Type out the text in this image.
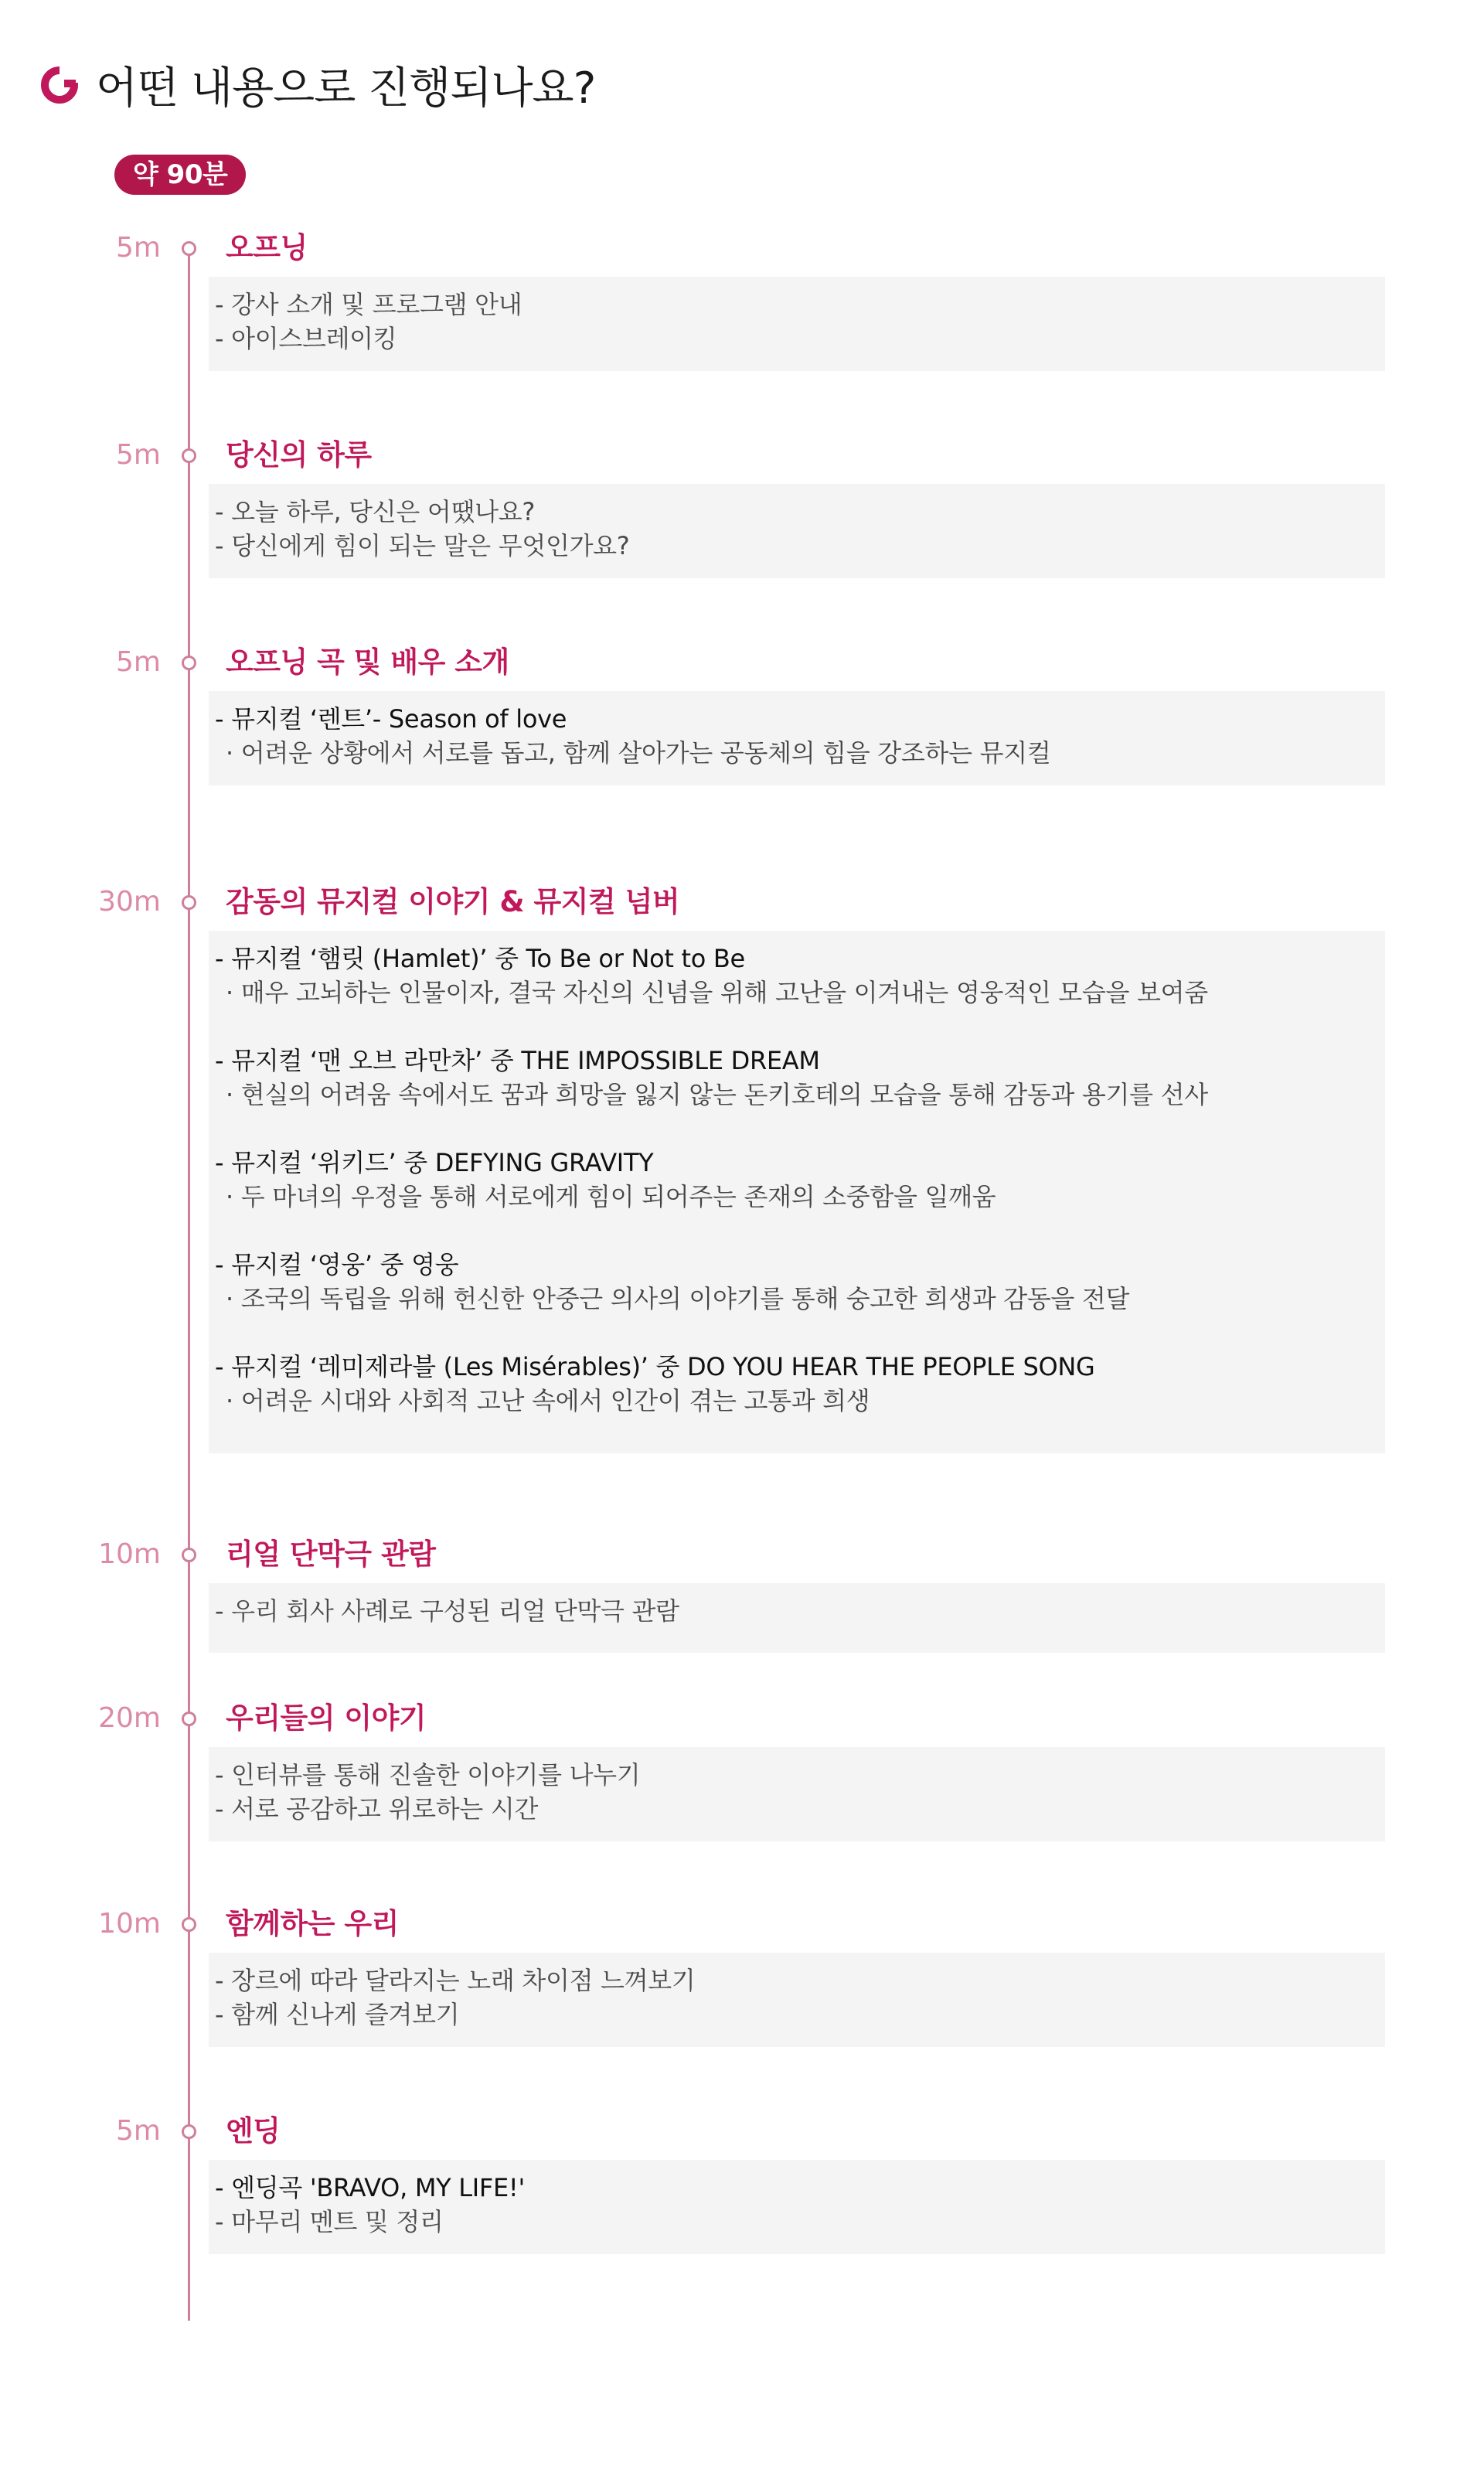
어떤 내용으로 진행되나요?
약 90분
5m 오프닝
- 강사 소개 및 프로그램 안내
- 아이스브레이킹
5m 당신의 하루
- 오늘 하루, 당신은 어땠나요?
- 당신에게 힘이 되는 말은 무엇인가요?
5m 오프닝 곡 및 배우 소개
- 뮤지컬 ‘렌트’- Season of love
· 어려운 상황에서 서로를 돕고, 함께 살아가는 공동체의 힘을 강조하는 뮤지컬
30m 감동의 뮤지컬 이야기 & 뮤지컬 넘버
- 뮤지컬 ‘햄릿 (Hamlet)’ 중 To Be or Not to Be
· 매우 고뇌하는 인물이자, 결국 자신의 신념을 위해 고난을 이겨내는 영웅적인 모습을 보여줌
- 뮤지컬 ‘맨 오브 라만차’ 중 THE IMPOSSIBLE DREAM
· 현실의 어려움 속에서도 꿈과 희망을 잃지 않는 돈키호테의 모습을 통해 감동과 용기를 선사
- 뮤지컬 ‘위키드’ 중 DEFYING GRAVITY
· 두 마녀의 우정을 통해 서로에게 힘이 되어주는 존재의 소중함을 일깨움
- 뮤지컬 ‘영웅’ 중 영웅
· 조국의 독립을 위해 헌신한 안중근 의사의 이야기를 통해 숭고한 희생과 감동을 전달
- 뮤지컬 ‘레미제라블 (Les Misérables)’ 중 DO YOU HEAR THE PEOPLE SONG
· 어려운 시대와 사회적 고난 속에서 인간이 겪는 고통과 희생
10m 리얼 단막극 관람
- 우리 회사 사례로 구성된 리얼 단막극 관람
20m 우리들의 이야기
- 인터뷰를 통해 진솔한 이야기를 나누기
- 서로 공감하고 위로하는 시간
10m 함께하는 우리
- 장르에 따라 달라지는 노래 차이점 느껴보기
- 함께 신나게 즐겨보기
5m 엔딩
- 엔딩곡 'BRAVO, MY LIFE!'
- 마무리 멘트 및 정리
